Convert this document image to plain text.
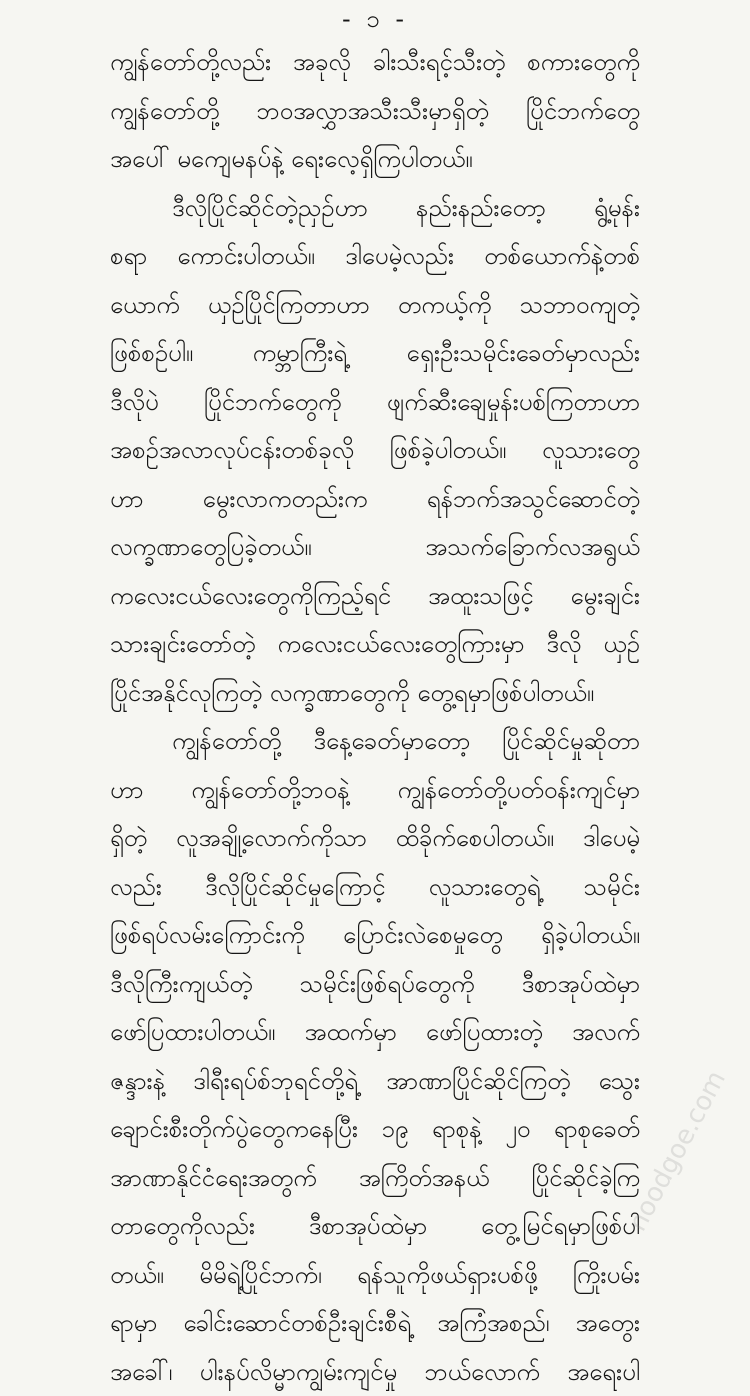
- ၁ -
ကျွန်တော်တို့လည်း အခုလို ခါးသီးရင့်သီးတဲ့ စကားတွေကို
ကျွန်တော်တို့ ဘဝအလွှာအသီးသီးမှာရှိတဲ့ ပြိုင်ဘက်တွေ
အပေါ် မကျေမနပ်နဲ့ ရေးလေ့ရှိကြပါတယ်။
ဒီလိုပြိုင်ဆိုင်တဲ့ညှဉ်ဟာ နည်းနည်းတော့ ရွံ့မုန်း
စရာ ကောင်းပါတယ်။ ဒါပေမဲ့လည်း တစ်ယောက်နဲ့တစ်
ယောက် ယှဉ်ပြိုင်ကြတာဟာ တကယ့်ကို သဘာဝကျတဲ့
ဖြစ်စဉ်ပါ။ ကမ္ဘာကြီးရဲ့ ရှေးဦးသမိုင်းခေတ်မှာလည်း
ဒီလိုပဲ ပြိုင်ဘက်တွေကို ဖျက်ဆီးချေမှုန်းပစ်ကြတာဟာ
အစဉ်အလာလုပ်ငန်းတစ်ခုလို ဖြစ်ခဲ့ပါတယ်။ လူသားတွေ
ဟာ မွေးလာကတည်းက ရန်ဘက်အသွင်ဆောင်တဲ့
လက္ခဏာတွေပြခဲ့တယ်။ အသက်ခြောက်လအရွယ်
ကလေးငယ်လေးတွေကိုကြည့်ရင် အထူးသဖြင့် မွေးချင်း
သားချင်းတော်တဲ့ ကလေးငယ်လေးတွေကြားမှာ ဒီလို ယှဉ်
ပြိုင်အနိုင်လုကြတဲ့ လက္ခဏာတွေကို တွေ့ရမှာဖြစ်ပါတယ်။
ကျွန်တော်တို့ ဒီနေ့ခေတ်မှာတော့ ပြိုင်ဆိုင်မှုဆိုတာ
ဟာ ကျွန်တော်တို့ဘဝနဲ့ ကျွန်တော်တို့ပတ်ဝန်းကျင်မှာ
ရှိတဲ့ လူအချို့လောက်ကိုသာ ထိခိုက်စေပါတယ်။ ဒါပေမဲ့
လည်း ဒီလိုပြိုင်ဆိုင်မှုကြောင့် လူသားတွေရဲ့ သမိုင်း
ဖြစ်ရပ်လမ်းကြောင်းကို ပြောင်းလဲစေမှုတွေ ရှိခဲ့ပါတယ်။
ဒီလိုကြီးကျယ်တဲ့ သမိုင်းဖြစ်ရပ်တွေကို ဒီစာအုပ်ထဲမှာ
ဖော်ပြထားပါတယ်။ အထက်မှာ ဖော်ပြထားတဲ့ အလက်
ဇန္ဒားနဲ့ ဒါရီးရပ်စ်ဘုရင်တို့ရဲ့ အာဏာပြိုင်ဆိုင်ကြတဲ့ သွေး
ချောင်းစီးတိုက်ပွဲတွေကနေပြီး ၁၉ ရာစုနဲ့ ၂၀ ရာစုခေတ်
အာဏာနိုင်ငံရေးအတွက် အကြိတ်အနယ် ပြိုင်ဆိုင်ခဲ့ကြ
တာတွေကိုလည်း ဒီစာအုပ်ထဲမှာ တွေ့မြင်ရမှာဖြစ်ပါ
တယ်။ မိမိရဲ့ပြိုင်ဘက်၊ ရန်သူကိုဖယ်ရှားပစ်ဖို့ ကြိုးပမ်း
ရာမှာ ခေါင်းဆောင်တစ်ဦးချင်းစီရဲ့ အကြံအစည်၊ အတွေး
အခေါ်၊ ပါးနပ်လိမ္မာကျွမ်းကျင်မှု ဘယ်လောက် အရေးပါ
noodgoe.com
